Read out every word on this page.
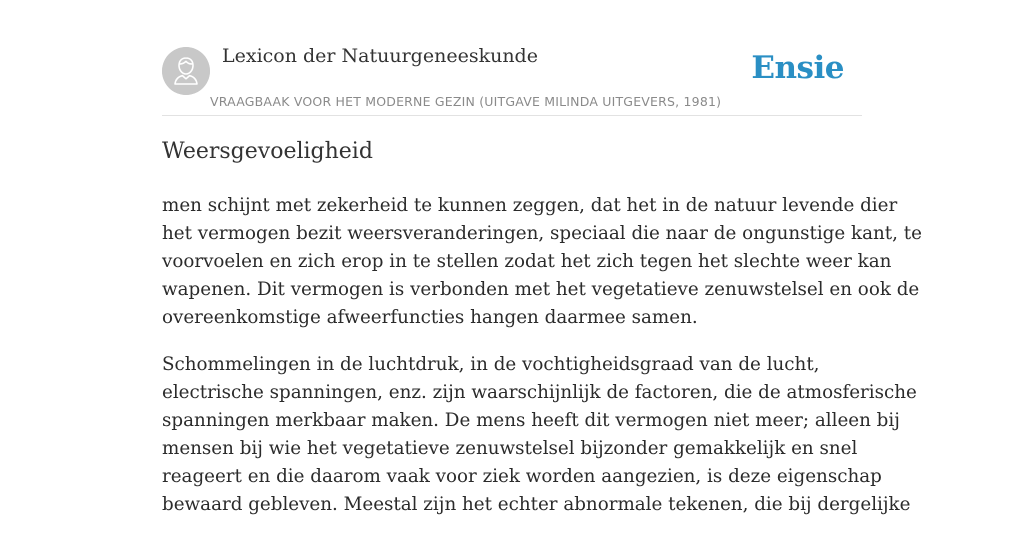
Lexicon der Natuurgeneeskunde
VRAAGBAAK VOOR HET MODERNE GEZIN (UITGAVE MILINDA UITGEVERS, 1981)
Ensie
Weersgevoeligheid

men schijnt met zekerheid te kunnen zeggen, dat het in de natuur levende dier
het vermogen bezit weersveranderingen, speciaal die naar de ongunstige kant, te
voorvoelen en zich erop in te stellen zodat het zich tegen het slechte weer kan
wapenen. Dit vermogen is verbonden met het vegetatieve zenuwstelsel en ook de
overeenkomstige afweerfuncties hangen daarmee samen.

Schommelingen in de luchtdruk, in de vochtigheidsgraad van de lucht,
electrische spanningen, enz. zijn waarschijnlijk de factoren, die de atmosferische
spanningen merkbaar maken. De mens heeft dit vermogen niet meer; alleen bij
mensen bij wie het vegetatieve zenuwstelsel bijzonder gemakkelijk en snel
reageert en die daarom vaak voor ziek worden aangezien, is deze eigenschap
bewaard gebleven. Meestal zijn het echter abnormale tekenen, die bij dergelijke
